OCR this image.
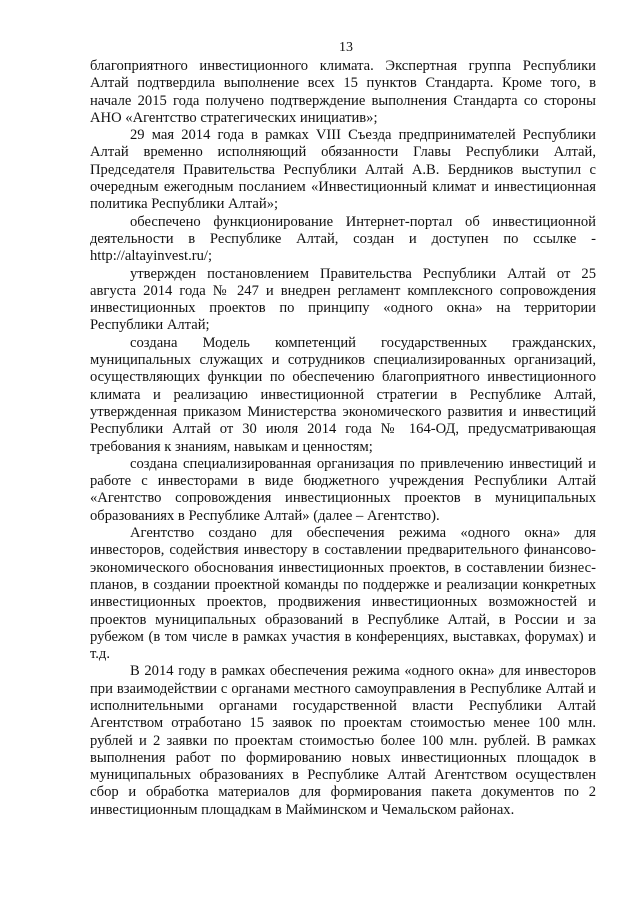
13

благоприятного инвестиционного климата. Экспертная группа Республики Алтай подтвердила выполнение всех 15 пунктов Стандарта. Кроме того, в начале 2015 года получено подтверждение выполнения Стандарта со стороны АНО «Агентство стратегических инициатив»;

29 мая 2014 года в рамках VIII Съезда предпринимателей Республики Алтай временно исполняющий обязанности Главы Республики Алтай, Председателя Правительства Республики Алтай А.В. Бердников выступил с очередным ежегодным посланием «Инвестиционный климат и инвестиционная политика Республики Алтай»;

обеспечено функционирование Интернет-портал об инвестиционной деятельности в Республике Алтай, создан и доступен по ссылке - http://altayinvest.ru/;

утвержден постановлением Правительства Республики Алтай от 25 августа 2014 года № 247 и внедрен регламент комплексного сопровождения инвестиционных проектов по принципу «одного окна» на территории Республики Алтай;

создана Модель компетенций государственных гражданских, муниципальных служащих и сотрудников специализированных организаций, осуществляющих функции по обеспечению благоприятного инвестиционного климата и реализацию инвестиционной стратегии в Республике Алтай, утвержденная приказом Министерства экономического развития и инвестиций Республики Алтай от 30 июля 2014 года № 164-ОД, предусматривающая требования к знаниям, навыкам и ценностям;

создана специализированная организация по привлечению инвестиций и работе с инвесторами в виде бюджетного учреждения Республики Алтай «Агентство сопровождения инвестиционных проектов в муниципальных образованиях в Республике Алтай» (далее – Агентство).

Агентство создано для обеспечения режима «одного окна» для инвесторов, содействия инвестору в составлении предварительного финансово-экономического обоснования инвестиционных проектов, в составлении бизнес-планов, в создании проектной команды по поддержке и реализации конкретных инвестиционных проектов, продвижения инвестиционных возможностей и проектов муниципальных образований в Республике Алтай, в России и за рубежом (в том числе в рамках участия в конференциях, выставках, форумах) и т.д.

В 2014 году в рамках обеспечения режима «одного окна» для инвесторов при взаимодействии с органами местного самоуправления в Республике Алтай и исполнительными органами государственной власти Республики Алтай Агентством отработано 15 заявок по проектам стоимостью менее 100 млн. рублей и 2 заявки по проектам стоимостью более 100 млн. рублей. В рамках выполнения работ по формированию новых инвестиционных площадок в муниципальных образованиях в Республике Алтай Агентством осуществлен сбор и обработка материалов для формирования пакета документов по 2 инвестиционным площадкам в Майминском и Чемальском районах.
